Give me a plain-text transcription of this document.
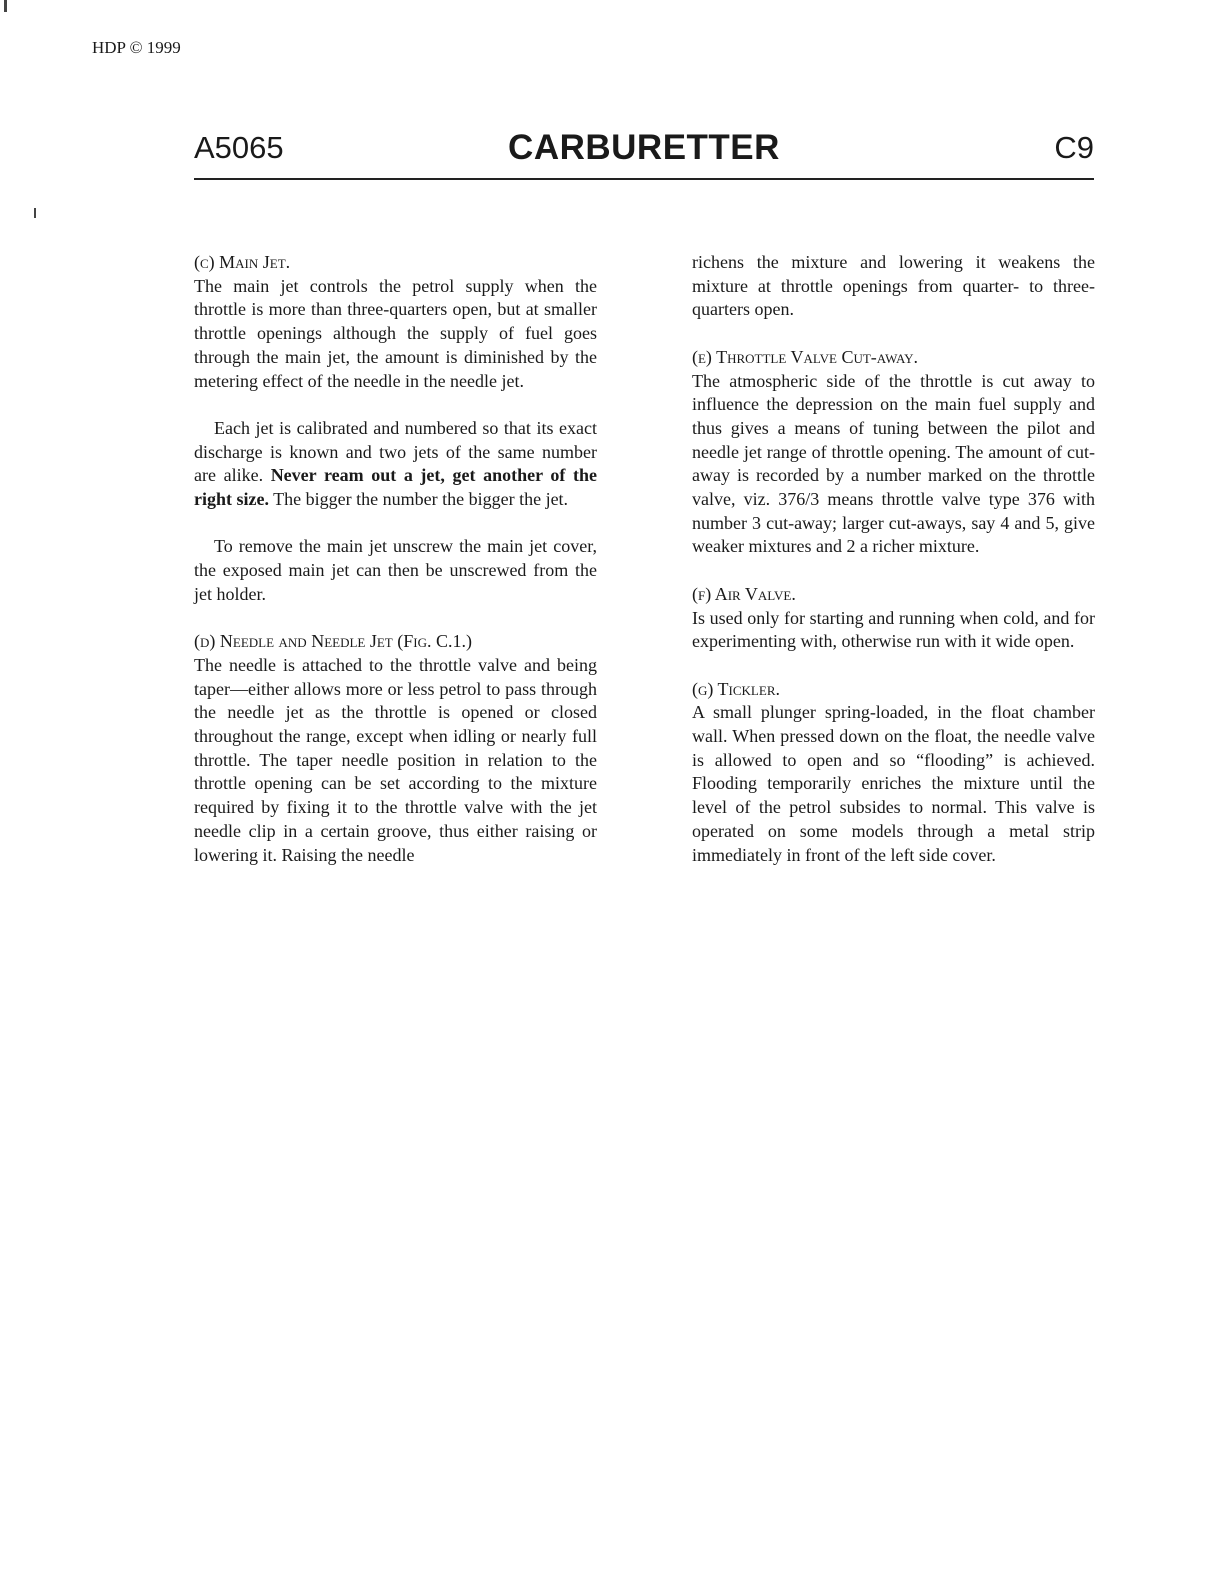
HDP © 1999
A5065	CARBURETTER	C9

(c) Main Jet.
The main jet controls the petrol supply when the throttle is more than three-quarters open, but at smaller throttle openings although the supply of fuel goes through the main jet, the amount is diminished by the metering effect of the needle in the needle jet.

Each jet is calibrated and numbered so that its exact discharge is known and two jets of the same number are alike. Never ream out a jet, get another of the right size. The bigger the number the bigger the jet.

To remove the main jet unscrew the main jet cover, the exposed main jet can then be unscrewed from the jet holder.

(d) Needle and Needle Jet (Fig. C.1.)
The needle is attached to the throttle valve and being taper—either allows more or less petrol to pass through the needle jet as the throttle is opened or closed throughout the range, except when idling or nearly full throttle. The taper needle position in relation to the throttle opening can be set according to the mixture required by fixing it to the throttle valve with the jet needle clip in a certain groove, thus either raising or lowering it. Raising the needle

richens the mixture and lowering it weakens the mixture at throttle openings from quarter- to three-quarters open.

(e) Throttle Valve Cut-away.
The atmospheric side of the throttle is cut away to influence the depression on the main fuel supply and thus gives a means of tuning between the pilot and needle jet range of throttle opening. The amount of cut-away is recorded by a number marked on the throttle valve, viz. 376/3 means throttle valve type 376 with number 3 cut-away; larger cut-aways, say 4 and 5, give weaker mixtures and 2 a richer mixture.

(f) Air Valve.
Is used only for starting and running when cold, and for experimenting with, otherwise run with it wide open.

(g) Tickler.
A small plunger spring-loaded, in the float chamber wall. When pressed down on the float, the needle valve is allowed to open and so “flooding” is achieved. Flooding temporarily enriches the mixture until the level of the petrol subsides to normal. This valve is operated on some models through a metal strip immediately in front of the left side cover.
